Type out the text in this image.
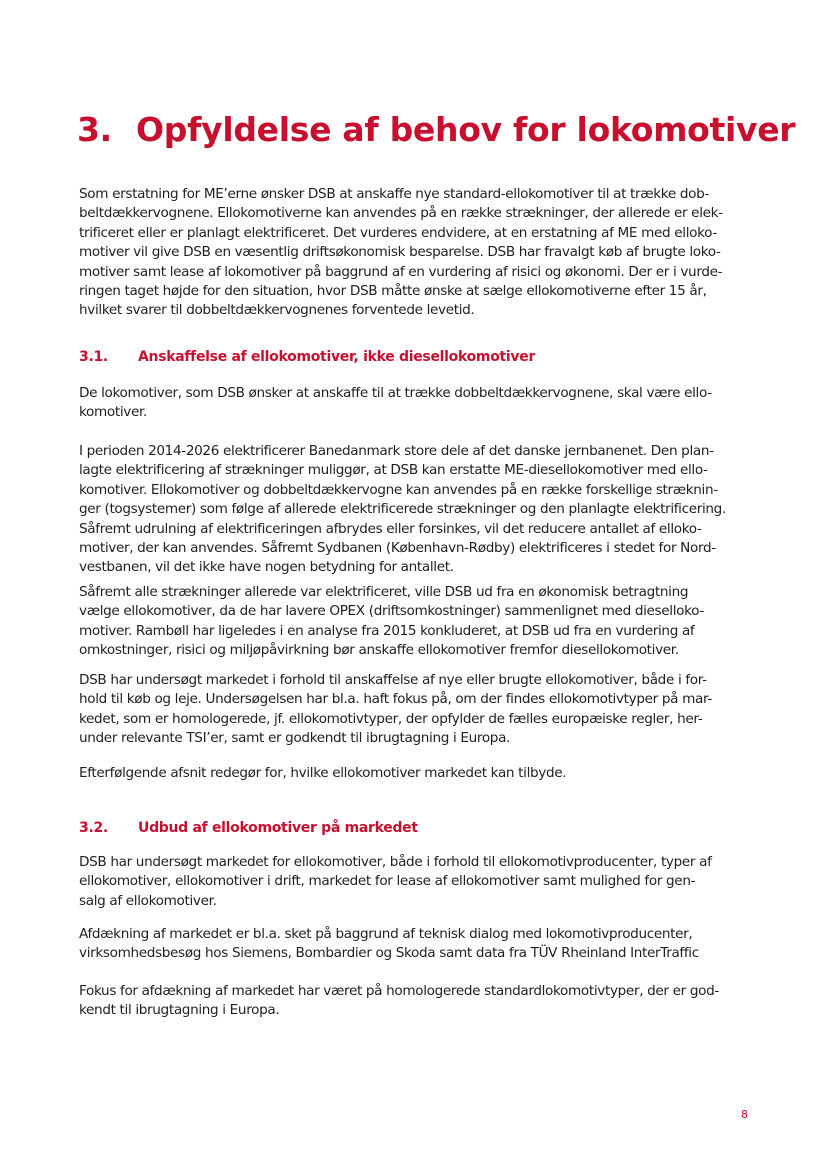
3. Opfyldelse af behov for lokomotiver

Som erstatning for ME’erne ønsker DSB at anskaffe nye standard-ellokomotiver til at trække dob-
beltdækkervognene. Ellokomotiverne kan anvendes på en række strækninger, der allerede er elek-
trificeret eller er planlagt elektrificeret. Det vurderes endvidere, at en erstatning af ME med elloko-
motiver vil give DSB en væsentlig driftsøkonomisk besparelse. DSB har fravalgt køb af brugte loko-
motiver samt lease af lokomotiver på baggrund af en vurdering af risici og økonomi. Der er i vurde-
ringen taget højde for den situation, hvor DSB måtte ønske at sælge ellokomotiverne efter 15 år,
hvilket svarer til dobbeltdækkervognenes forventede levetid.

3.1. Anskaffelse af ellokomotiver, ikke diesellokomotiver

De lokomotiver, som DSB ønsker at anskaffe til at trække dobbeltdækkervognene, skal være ello-
komotiver.

I perioden 2014-2026 elektrificerer Banedanmark store dele af det danske jernbanenet. Den plan-
lagte elektrificering af strækninger muliggør, at DSB kan erstatte ME-diesellokomotiver med ello-
komotiver. Ellokomotiver og dobbeltdækkervogne kan anvendes på en række forskellige stræknin-
ger (togsystemer) som følge af allerede elektrificerede strækninger og den planlagte elektrificering.
Såfremt udrulning af elektrificeringen afbrydes eller forsinkes, vil det reducere antallet af elloko-
motiver, der kan anvendes. Såfremt Sydbanen (København-Rødby) elektrificeres i stedet for Nord-
vestbanen, vil det ikke have nogen betydning for antallet.

Såfremt alle strækninger allerede var elektrificeret, ville DSB ud fra en økonomisk betragtning
vælge ellokomotiver, da de har lavere OPEX (driftsomkostninger) sammenlignet med dieselloko-
motiver. Rambøll har ligeledes i en analyse fra 2015 konkluderet, at DSB ud fra en vurdering af
omkostninger, risici og miljøpåvirkning bør anskaffe ellokomotiver fremfor diesellokomotiver.

DSB har undersøgt markedet i forhold til anskaffelse af nye eller brugte ellokomotiver, både i for-
hold til køb og leje. Undersøgelsen har bl.a. haft fokus på, om der findes ellokomotivtyper på mar-
kedet, som er homologerede, jf. ellokomotivtyper, der opfylder de fælles europæiske regler, her-
under relevante TSI’er, samt er godkendt til ibrugtagning i Europa.

Efterfølgende afsnit redegør for, hvilke ellokomotiver markedet kan tilbyde.

3.2. Udbud af ellokomotiver på markedet

DSB har undersøgt markedet for ellokomotiver, både i forhold til ellokomotivproducenter, typer af
ellokomotiver, ellokomotiver i drift, markedet for lease af ellokomotiver samt mulighed for gen-
salg af ellokomotiver.

Afdækning af markedet er bl.a. sket på baggrund af teknisk dialog med lokomotivproducenter,
virksomhedsbesøg hos Siemens, Bombardier og Skoda samt data fra TÜV Rheinland InterTraffic

Fokus for afdækning af markedet har været på homologerede standardlokomotivtyper, der er god-
kendt til ibrugtagning i Europa.

8
